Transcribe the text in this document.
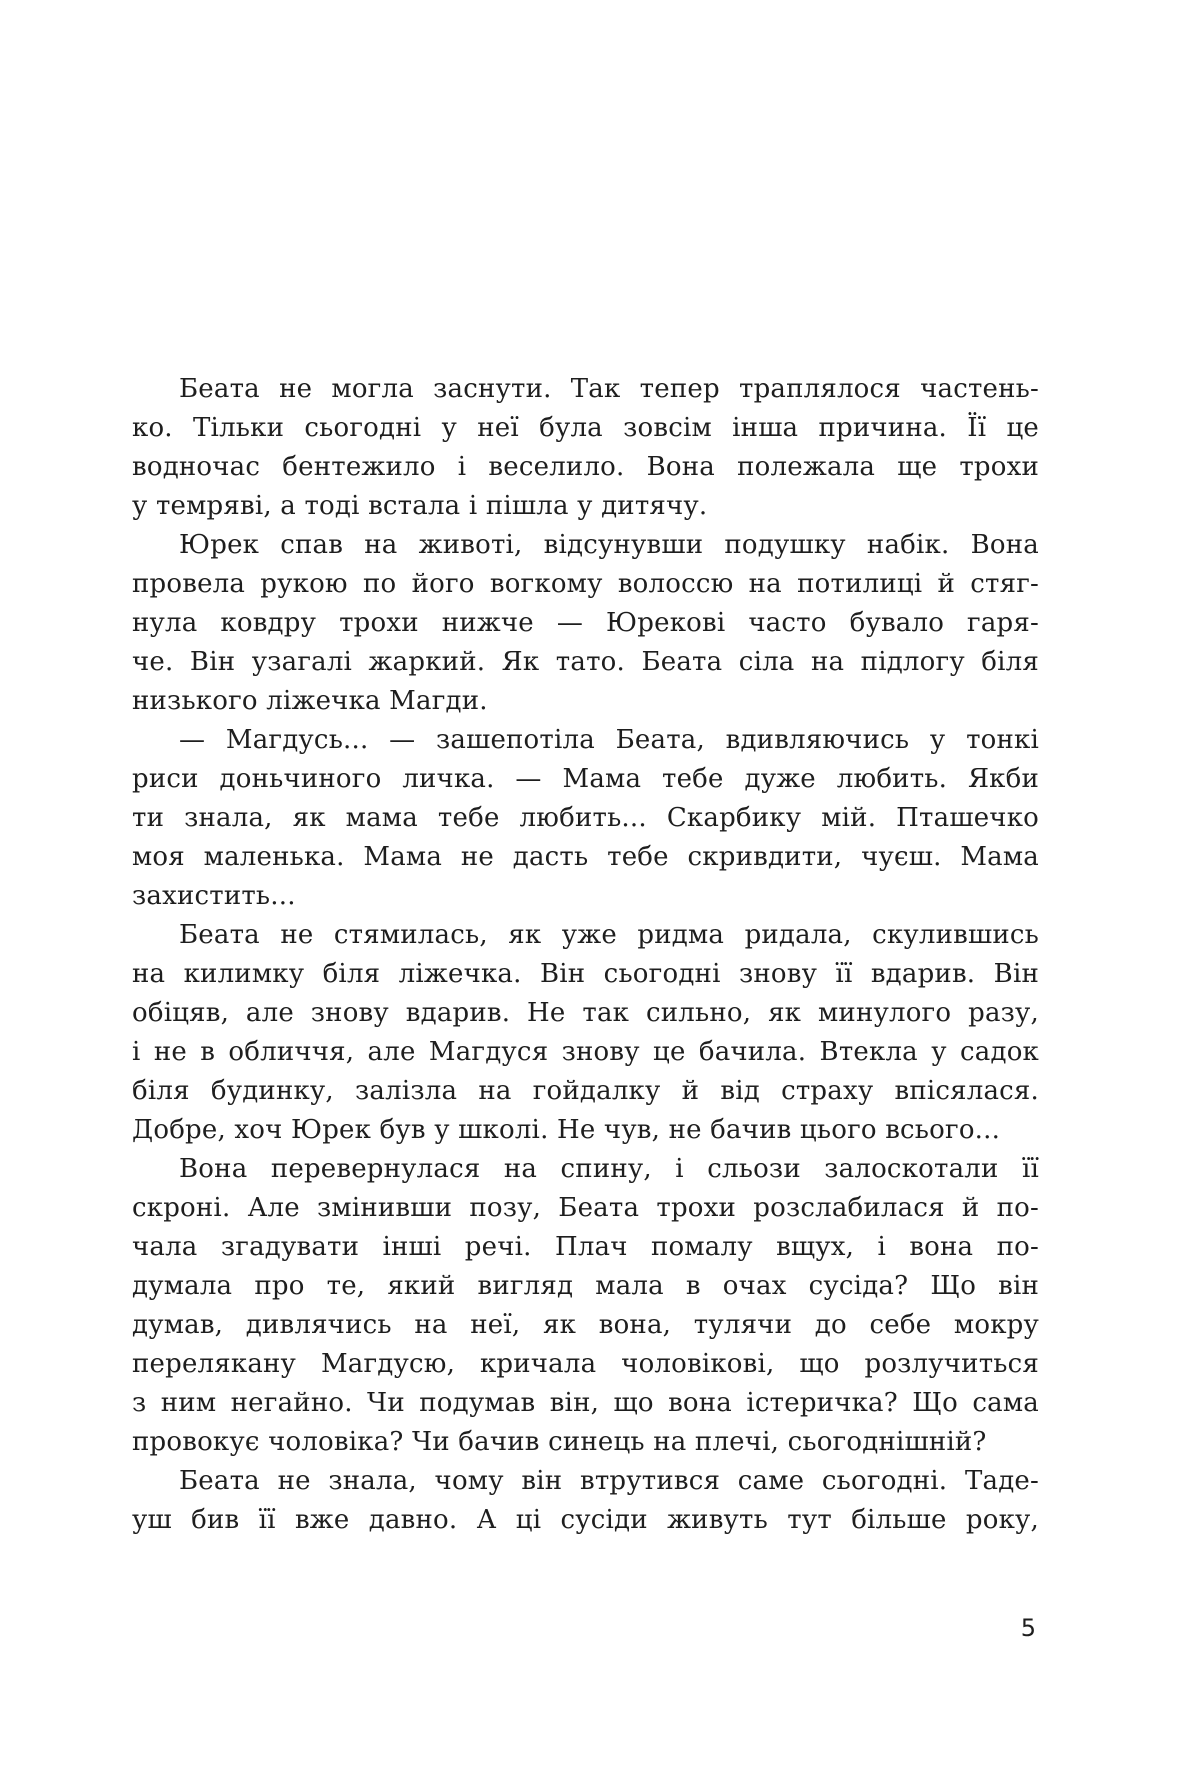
Беата не могла заснути. Так тепер траплялося частень-
ко. Тільки сьогодні у неї була зовсім інша причина. Її це
водночас бентежило і веселило. Вона полежала ще трохи
у темряві, а тоді встала і пішла у дитячу.
Юрек спав на животі, відсунувши подушку набік. Вона
провела рукою по його вогкому волоссю на потилиці й стяг-
нула ковдру трохи нижче — Юрекові часто бувало гаря-
че. Він узагалі жаркий. Як тато. Беата сіла на підлогу біля
низького ліжечка Магди.
— Магдусь... — зашепотіла Беата, вдивляючись у тонкі
риси доньчиного личка. — Мама тебе дуже любить. Якби
ти знала, як мама тебе любить... Скарбику мій. Пташечко
моя маленька. Мама не дасть тебе скривдити, чуєш. Мама
захистить...
Беата не стямилась, як уже ридма ридала, скулившись
на килимку біля ліжечка. Він сьогодні знову її вдарив. Він
обіцяв, але знову вдарив. Не так сильно, як минулого разу,
і не в обличчя, але Магдуся знову це бачила. Втекла у садок
біля будинку, залізла на гойдалку й від страху впісялася.
Добре, хоч Юрек був у школі. Не чув, не бачив цього всього...
Вона перевернулася на спину, і сльози залоскотали її
скроні. Але змінивши позу, Беата трохи розслабилася й по-
чала згадувати інші речі. Плач помалу вщух, і вона по-
думала про те, який вигляд мала в очах сусіда? Що він
думав, дивлячись на неї, як вона, тулячи до себе мокру
перелякану Магдусю, кричала чоловікові, що розлучиться
з ним негайно. Чи подумав він, що вона істеричка? Що сама
провокує чоловіка? Чи бачив синець на плечі, сьогоднішній?
Беата не знала, чому він втрутився саме сьогодні. Таде-
уш бив її вже давно. А ці сусіди живуть тут більше року,
5
